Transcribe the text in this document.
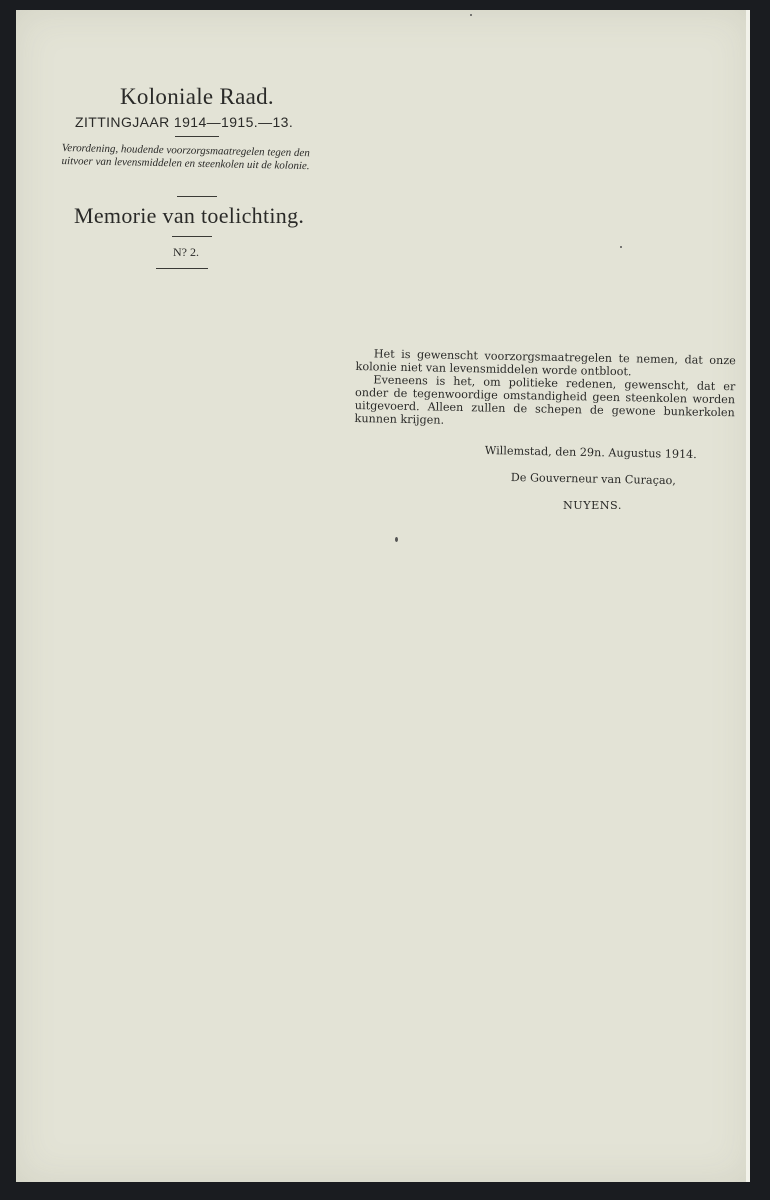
Koloniale Raad.
ZITTINGJAAR 1914—1915.—13.
Verordening, houdende voorzorgsmaatregelen tegen den uitvoer van levensmiddelen en steenkolen uit de kolonie.
Memorie van toelichting.
N? 2.

Het is gewenscht voorzorgsmaatregelen te nemen, dat onze kolonie niet van levensmiddelen worde ontbloot.

Eveneens is het, om politieke redenen, gewenscht, dat er onder de tegenwoordige omstandigheid geen steenkolen worden uitgevoerd. Alleen zullen de schepen de gewone bunkerkolen kunnen krijgen.

Willemstad, den 29n. Augustus 1914.
De Gouverneur van Curaçao,
NUYENS.
